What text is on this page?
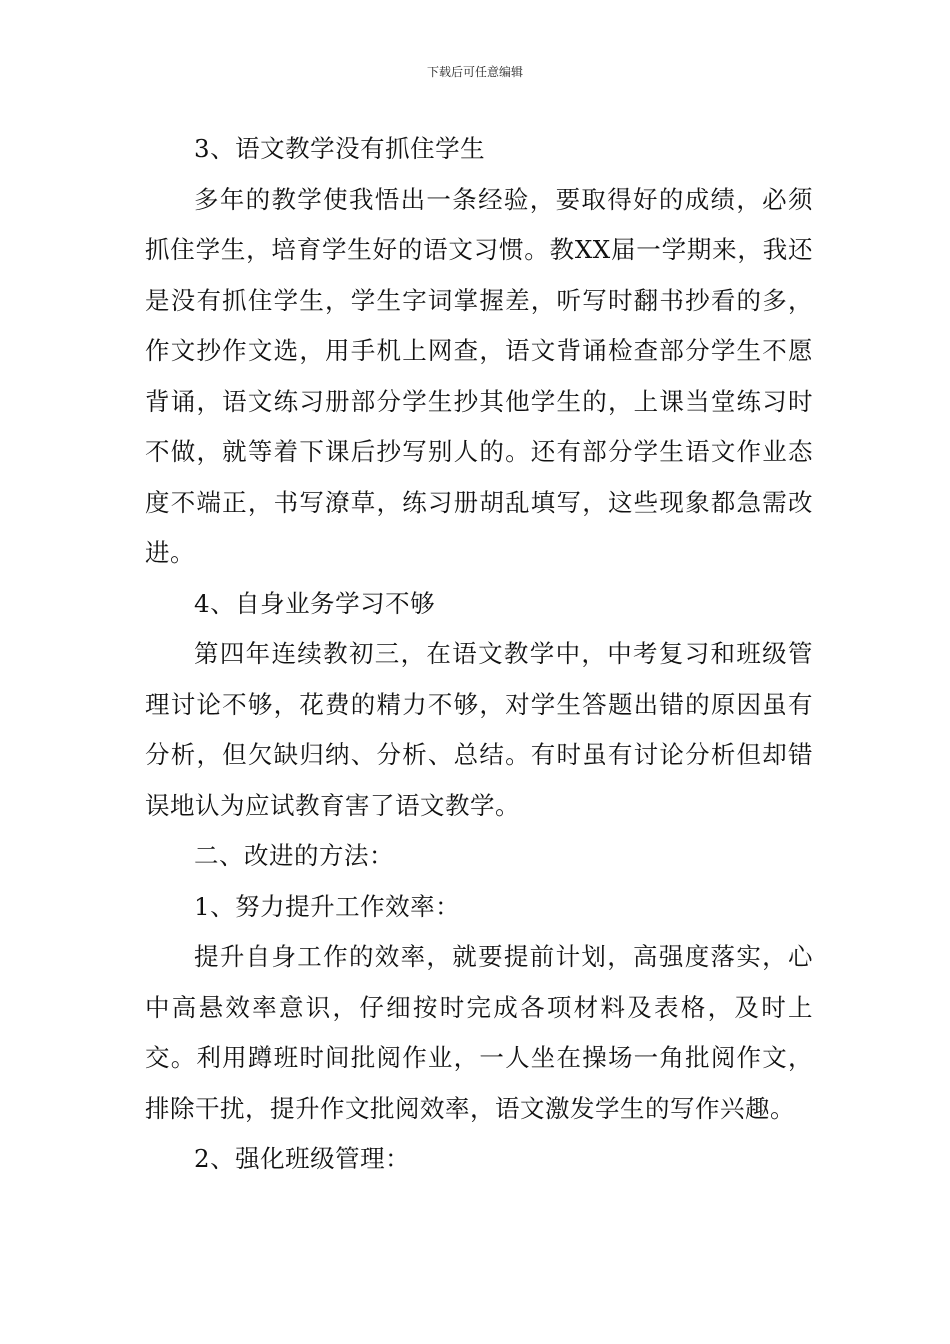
下载后可任意编辑

3、语文教学没有抓住学生

多年的教学使我悟出一条经验，要取得好的成绩，必须抓住学生，培育学生好的语文习惯。教XX届一学期来，我还是没有抓住学生，学生字词掌握差，听写时翻书抄看的多，作文抄作文选，用手机上网查，语文背诵检查部分学生不愿背诵，语文练习册部分学生抄其他学生的，上课当堂练习时不做，就等着下课后抄写别人的。还有部分学生语文作业态度不端正，书写潦草，练习册胡乱填写，这些现象都急需改进。

4、自身业务学习不够

第四年连续教初三，在语文教学中，中考复习和班级管理讨论不够，花费的精力不够，对学生答题出错的原因虽有分析，但欠缺归纳、分析、总结。有时虽有讨论分析但却错误地认为应试教育害了语文教学。

二、改进的方法：

1、努力提升工作效率：

提升自身工作的效率，就要提前计划，高强度落实，心中高悬效率意识，仔细按时完成各项材料及表格，及时上交。利用蹲班时间批阅作业，一人坐在操场一角批阅作文，排除干扰，提升作文批阅效率，语文激发学生的写作兴趣。

2、强化班级管理：
